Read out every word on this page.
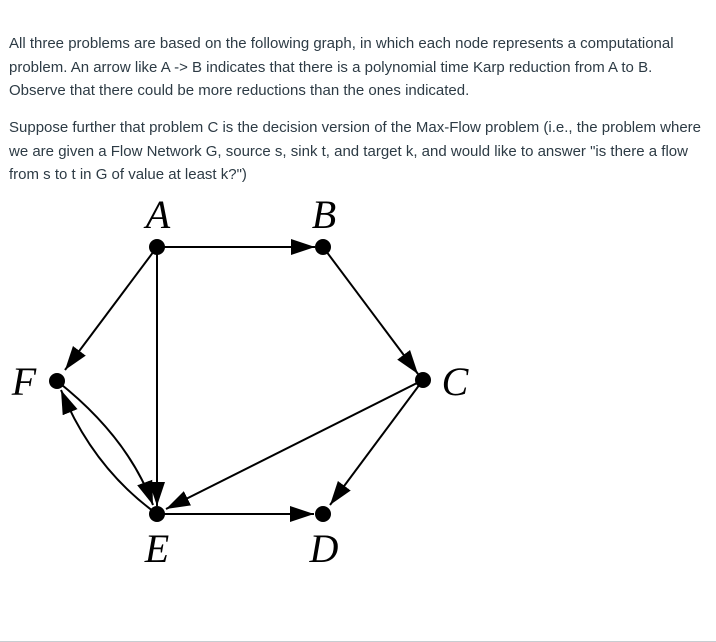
All three problems are based on the following graph, in which each node represents a computational problem. An arrow like A -> B indicates that there is a polynomial time Karp reduction from A to B. Observe that there could be more reductions than the ones indicated.

Suppose further that problem C is the decision version of the Max-Flow problem (i.e., the problem where we are given a Flow Network G, source s, sink t, and target k, and would like to answer "is there a flow from s to t in G of value at least k?")

A	B
C
D
E
F
